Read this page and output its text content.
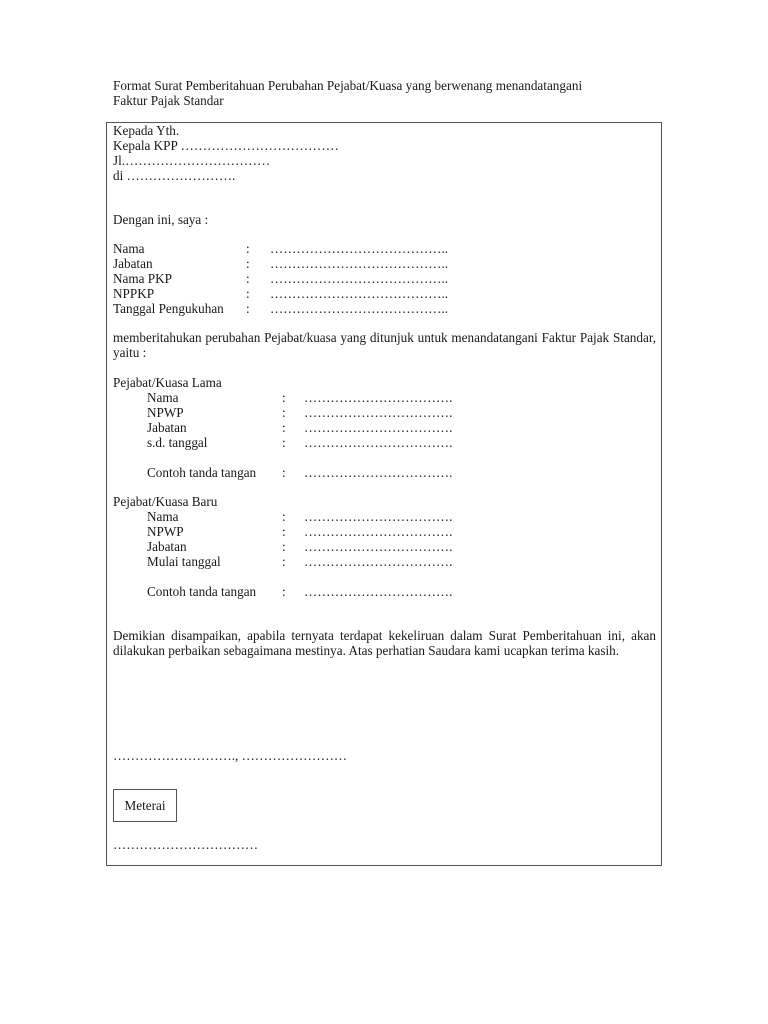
Format Surat Pemberitahuan Perubahan Pejabat/Kuasa yang berwenang menandatangani
Faktur Pajak Standar
Kepada Yth.
Kepala KPP ………………………………
Jl.……………………………
di …………………….
Dengan ini, saya :
Nama	: …………………………………..
Jabatan	: …………………………………..
Nama PKP	: …………………………………..
NPPKP	: …………………………………..
Tanggal Pengukuhan : …………………………………..
memberitahukan perubahan Pejabat/kuasa yang ditunjuk untuk menandatangani Faktur Pajak Standar, yaitu :
Pejabat/Kuasa Lama
Nama	: …………………………….
NPWP	: …………………………….
Jabatan	: …………………………….
s.d. tanggal	: …………………………….
Contoh tanda tangan : …………………………….
Pejabat/Kuasa Baru
Nama	: …………………………….
NPWP	: …………………………….
Jabatan	: …………………………….
Mulai tanggal	: …………………………….
Contoh tanda tangan : …………………………….
Demikian disampaikan, apabila ternyata terdapat kekeliruan dalam Surat Pemberitahuan ini, akan dilakukan perbaikan sebagaimana mestinya. Atas perhatian Saudara kami ucapkan terima kasih.
………………………., ……………………
Meterai
……………………………
